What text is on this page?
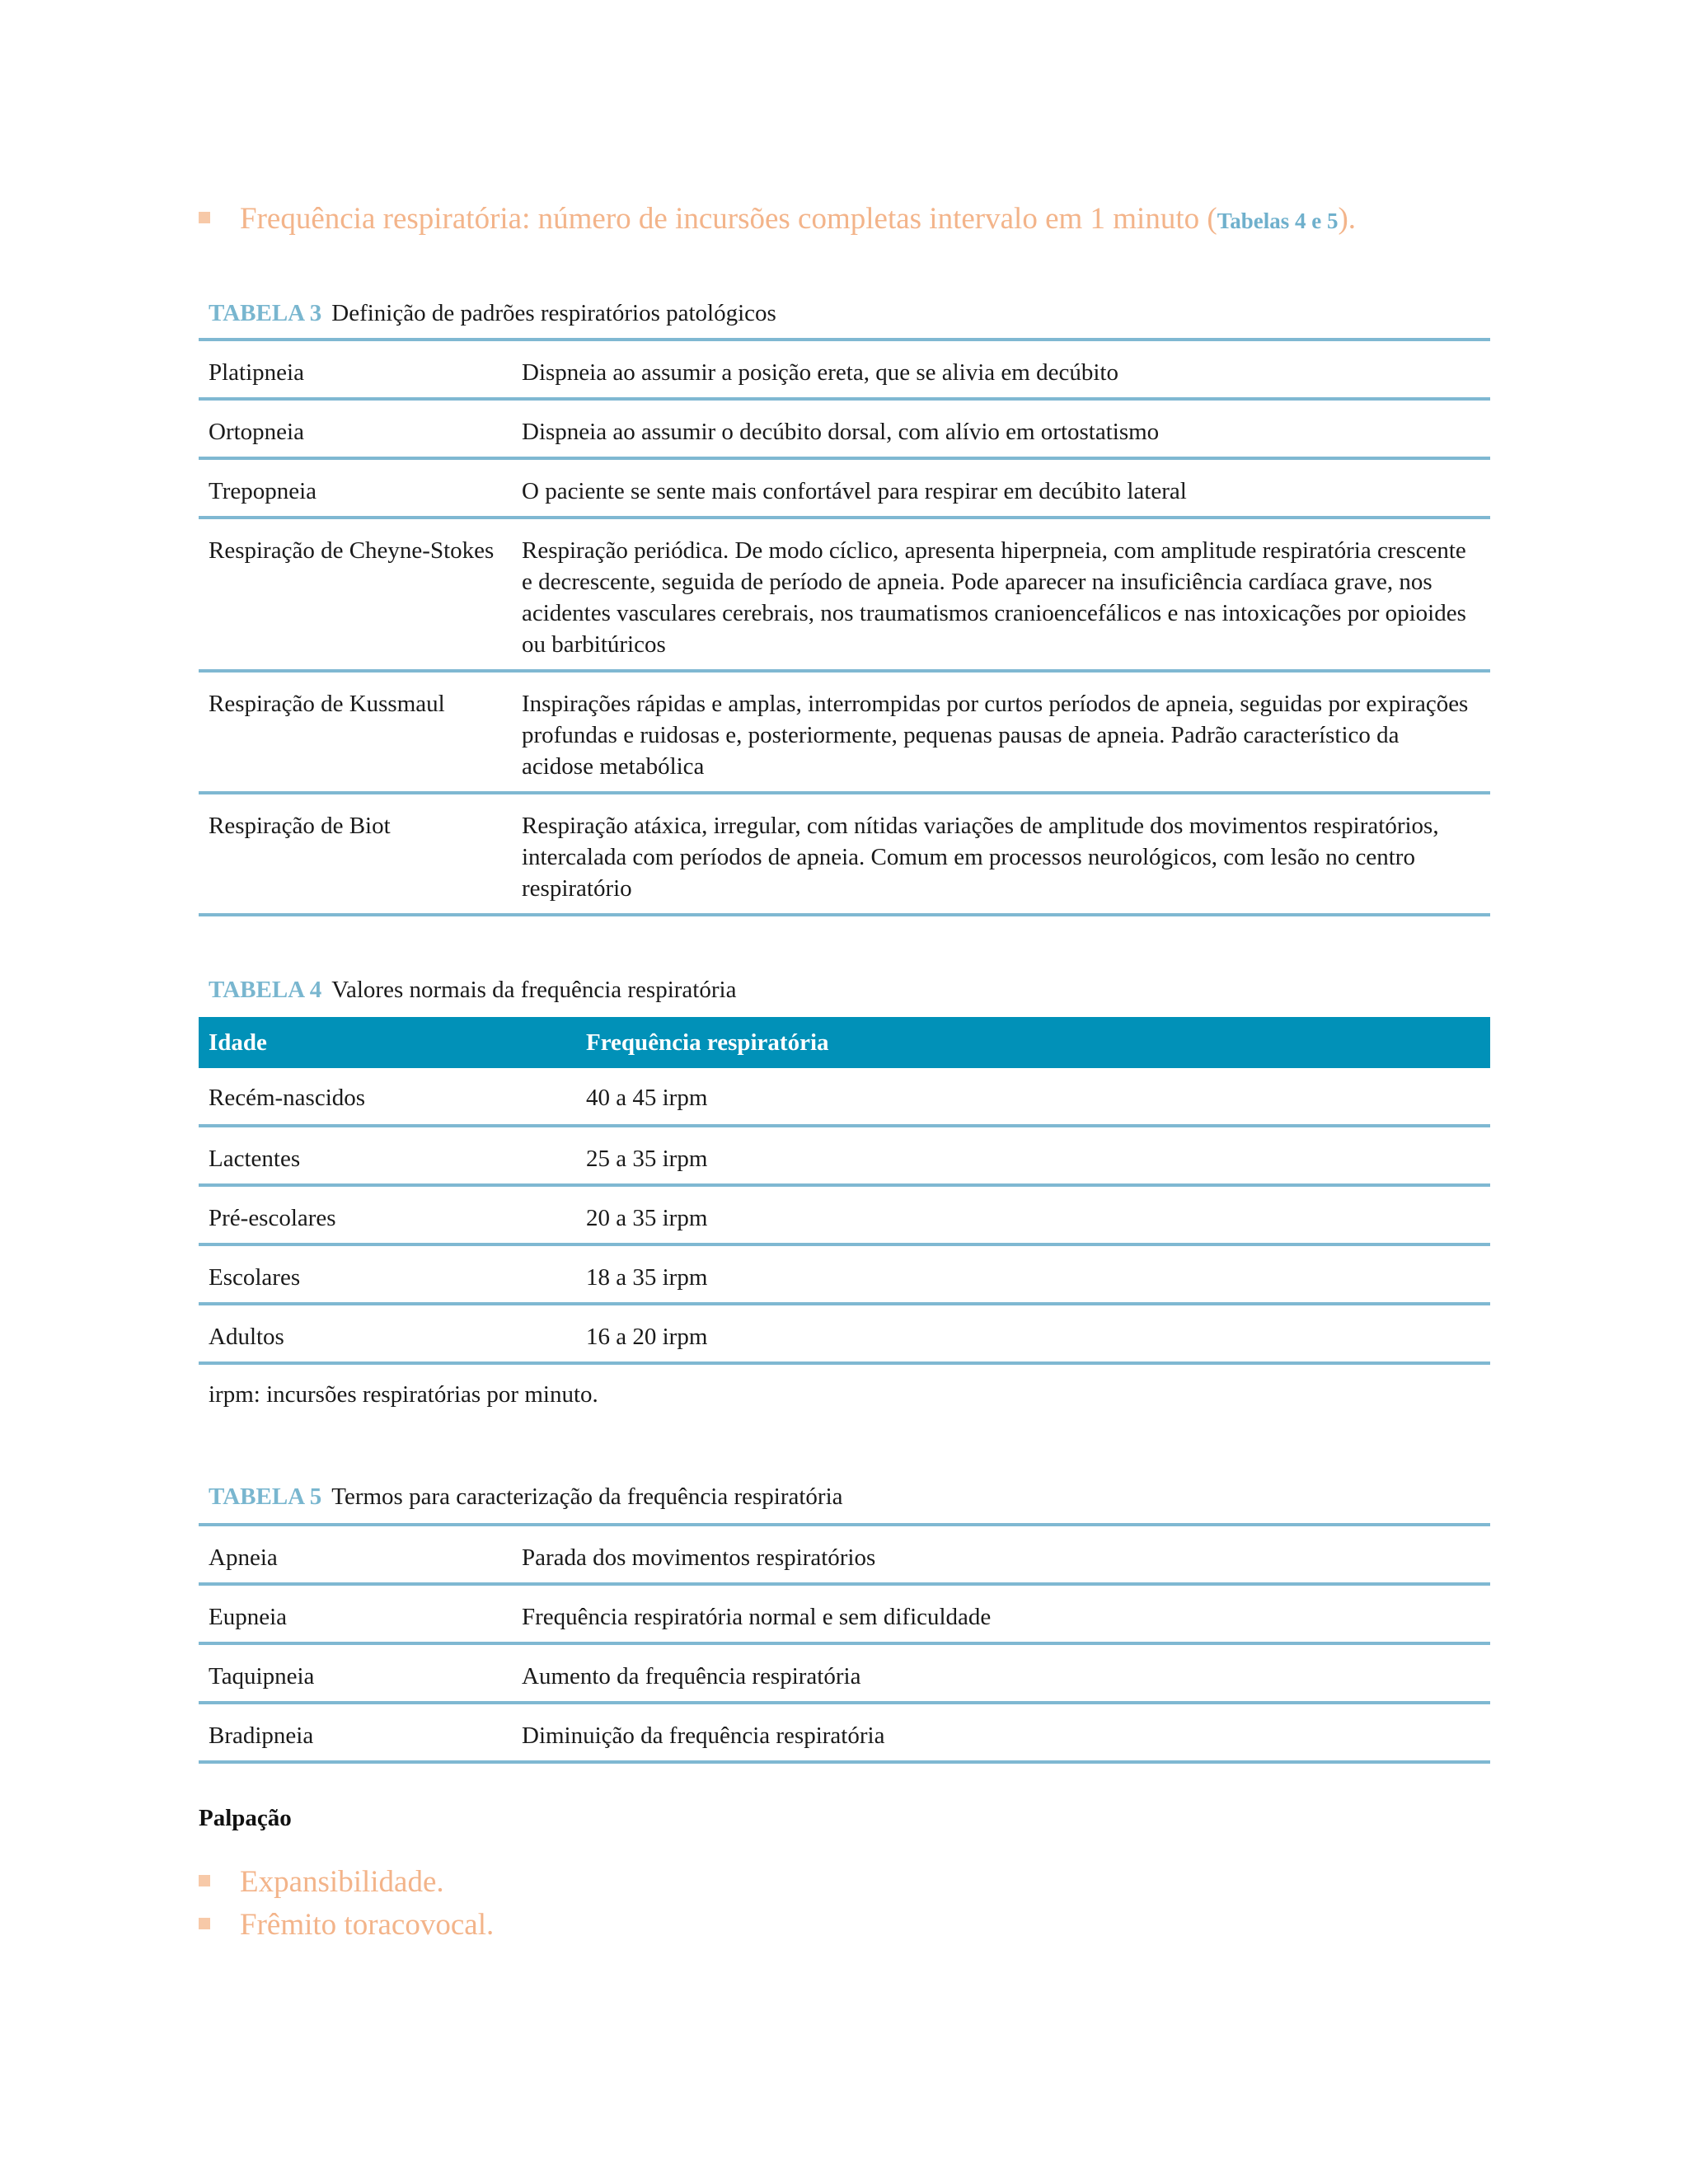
Frequência respiratória: número de incursões completas intervalo em 1 minuto (Tabelas 4 e 5).
TABELA 3 Definição de padrões respiratórios patológicos
Platipneia	Dispneia ao assumir a posição ereta, que se alivia em decúbito
Ortopneia	Dispneia ao assumir o decúbito dorsal, com alívio em ortostatismo
Trepopneia	O paciente se sente mais confortável para respirar em decúbito lateral
Respiração de Cheyne-Stokes	Respiração periódica. De modo cíclico, apresenta hiperpneia, com amplitude respiratória crescente e decrescente, seguida de período de apneia. Pode aparecer na insuficiência cardíaca grave, nos acidentes vasculares cerebrais, nos traumatismos cranioencefálicos e nas intoxicações por opioides ou barbitúricos
Respiração de Kussmaul	Inspirações rápidas e amplas, interrompidas por curtos períodos de apneia, seguidas por expirações profundas e ruidosas e, posteriormente, pequenas pausas de apneia. Padrão característico da acidose metabólica
Respiração de Biot	Respiração atáxica, irregular, com nítidas variações de amplitude dos movimentos respiratórios, intercalada com períodos de apneia. Comum em processos neurológicos, com lesão no centro respiratório
TABELA 4 Valores normais da frequência respiratória
Idade	Frequência respiratória
Recém-nascidos	40 a 45 irpm
Lactentes	25 a 35 irpm
Pré-escolares	20 a 35 irpm
Escolares	18 a 35 irpm
Adultos	16 a 20 irpm
irpm: incursões respiratórias por minuto.
TABELA 5 Termos para caracterização da frequência respiratória
Apneia	Parada dos movimentos respiratórios
Eupneia	Frequência respiratória normal e sem dificuldade
Taquipneia	Aumento da frequência respiratória
Bradipneia	Diminuição da frequência respiratória
Palpação
Expansibilidade.
Frêmito toracovocal.
